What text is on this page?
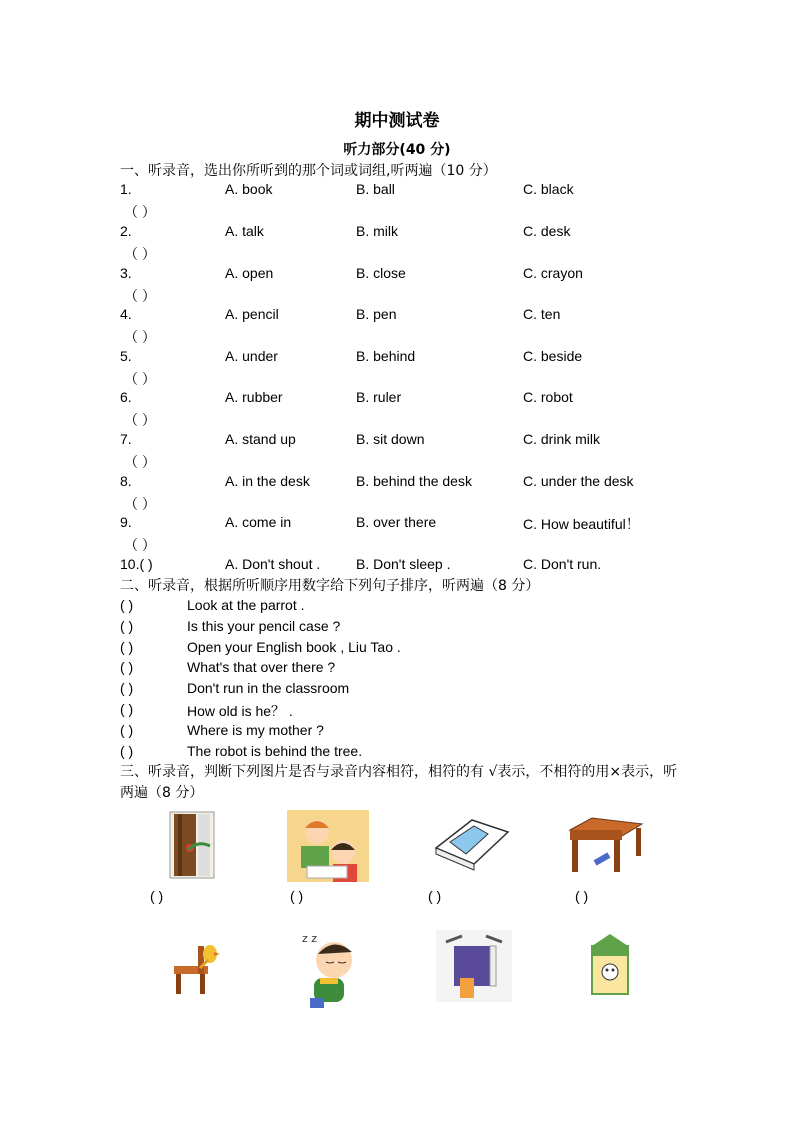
期中测试卷
听力部分(40 分)
一、听录音，选出你所听到的那个词或词组,听两遍（10 分）
1.	A. book	B. ball	C. black
（ ）
2.	A. talk	B. milk	C. desk
（ ）
3.	A. open	B. close	C. crayon
（ ）
4.	A. pencil	B. pen	C. ten
（ ）
5.	A. under	B. behind	C. beside
（ ）
6.	A. rubber	B. ruler	C. robot
（ ）
7.	A. stand up	B. sit down	C. drink milk
（ ）
8.	A. in the desk	B. behind the desk	C. under the desk
（ ）
9.	A. come in	B. over there	C. How beautiful！
（ ）
10.( )	A. Don't shout .	B. Don't sleep .	C. Don't run.
二、听录音，根据所听顺序用数字给下列句子排序，听两遍（8 分）
( )	Look at the parrot .
( )	Is this your pencil case ?
( )	Open your English book , Liu Tao .
( )	What's that over there ?
( )	Don't run in the classroom
( )	How old is he？ .
( )	Where is my mother ?
( )	The robot is behind the tree.
三、听录音，判断下列图片是否与录音内容相符，相符的有 √表示，不相符的用×表示，听两遍（8 分）
( )	( )	( )	( )
z z
